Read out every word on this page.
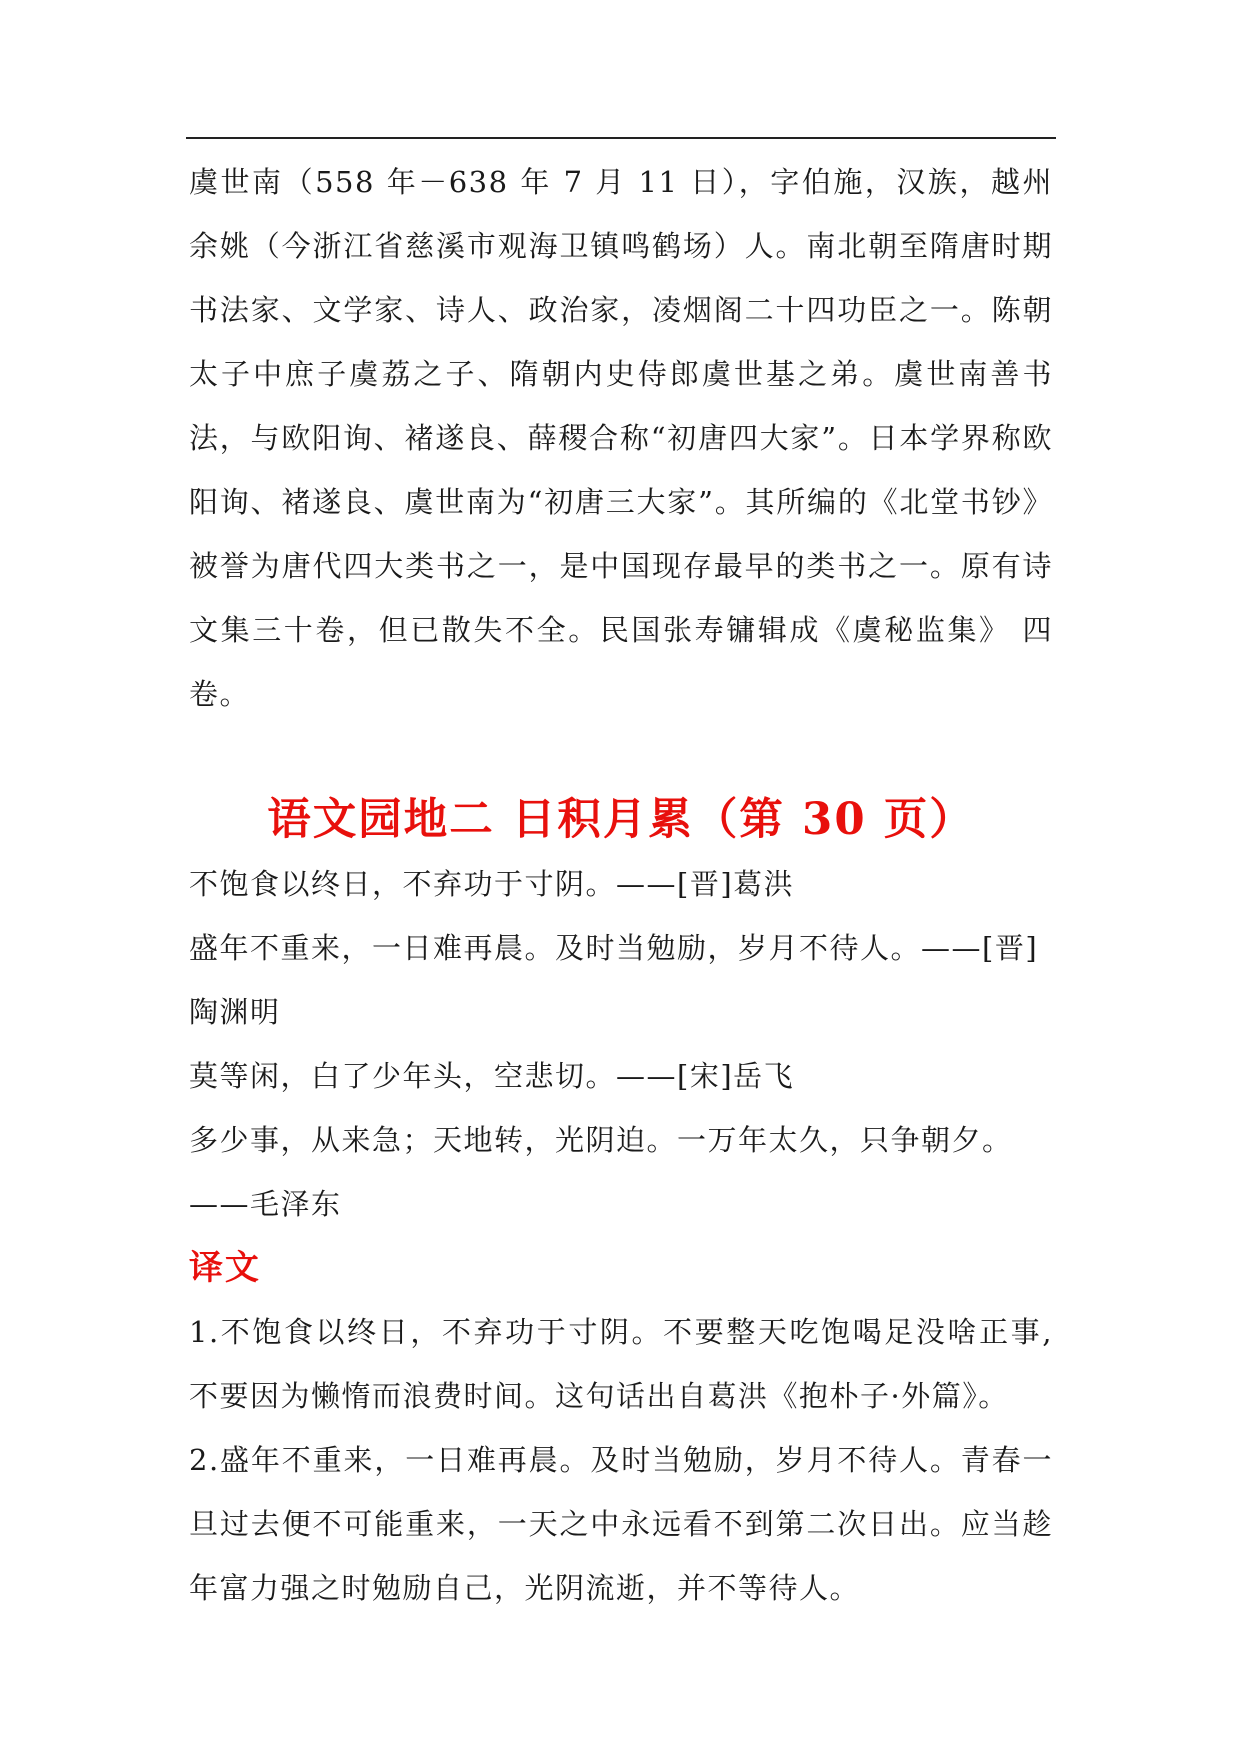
虞世南（558 年－638 年 7 月 11 日），字伯施，汉族，越州余姚（今浙江省慈溪市观海卫镇鸣鹤场）人。南北朝至隋唐时期书法家、文学家、诗人、政治家，凌烟阁二十四功臣之一。陈朝太子中庶子虞荔之子、隋朝内史侍郎虞世基之弟。虞世南善书法，与欧阳询、褚遂良、薛稷合称“初唐四大家”。日本学界称欧阳询、褚遂良、虞世南为“初唐三大家”。其所编的《北堂书钞》被誉为唐代四大类书之一，是中国现存最早的类书之一。原有诗文集三十卷，但已散失不全。民国张寿镛辑成《虞秘监集》 四卷。

语文园地二 日积月累（第 30 页）

不饱食以终日，不弃功于寸阴。——[晋]葛洪

盛年不重来，一日难再晨。及时当勉励，岁月不待人。——[晋]陶渊明

莫等闲，白了少年头，空悲切。——[宋]岳飞

多少事，从来急；天地转，光阴迫。一万年太久，只争朝夕。——毛泽东

译文

1.不饱食以终日，不弃功于寸阴。不要整天吃饱喝足没啥正事,不要因为懒惰而浪费时间。这句话出自葛洪《抱朴子·外篇》。

2.盛年不重来，一日难再晨。及时当勉励，岁月不待人。青春一旦过去便不可能重来，一天之中永远看不到第二次日出。应当趁年富力强之时勉励自己，光阴流逝，并不等待人。
